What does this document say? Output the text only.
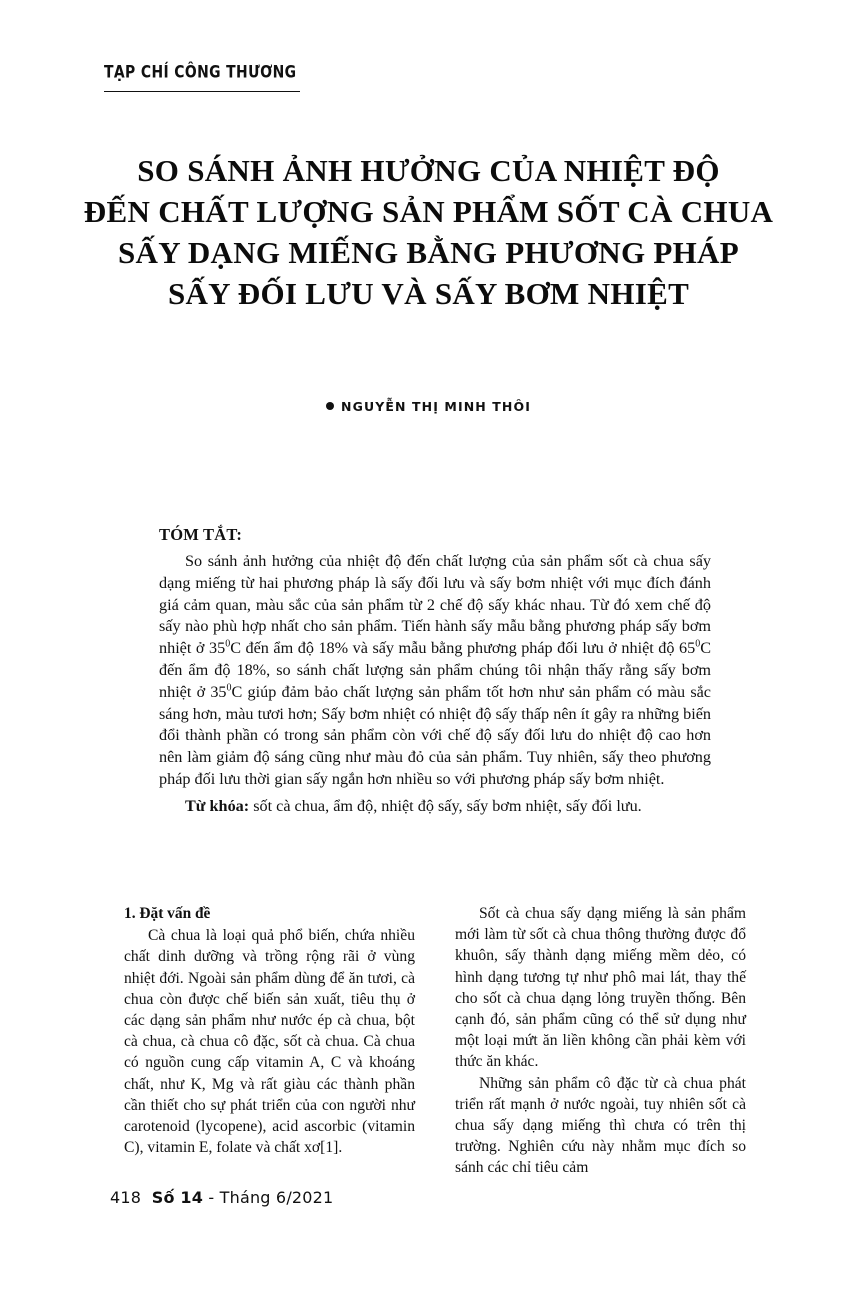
TẠP CHÍ CÔNG THƯƠNG
SO SÁNH ẢNH HƯỞNG CỦA NHIỆT ĐỘ
ĐẾN CHẤT LƯỢNG SẢN PHẨM SỐT CÀ CHUA
SẤY DẠNG MIẾNG BẰNG PHƯƠNG PHÁP
SẤY ĐỐI LƯU VÀ SẤY BƠM NHIỆT
NGUYỄN THỊ MINH THÔI
TÓM TẮT:
So sánh ảnh hưởng của nhiệt độ đến chất lượng của sản phẩm sốt cà chua sấy dạng miếng từ hai phương pháp là sấy đối lưu và sấy bơm nhiệt với mục đích đánh giá cảm quan, màu sắc của sản phẩm từ 2 chế độ sấy khác nhau. Từ đó xem chế độ sấy nào phù hợp nhất cho sản phẩm. Tiến hành sấy mẫu bằng phương pháp sấy bơm nhiệt ở $35^0C$ đến ẩm độ 18% và sấy mẫu bằng phương pháp đối lưu ở nhiệt độ $65^0C$ đến ẩm độ 18%, so sánh chất lượng sản phẩm chúng tôi nhận thấy rằng sấy bơm nhiệt ở $35^0C$ giúp đảm bảo chất lượng sản phẩm tốt hơn như sản phẩm có màu sắc sáng hơn, màu tươi hơn; Sấy bơm nhiệt có nhiệt độ sấy thấp nên ít gây ra những biến đổi thành phần có trong sản phẩm còn với chế độ sấy đối lưu do nhiệt độ cao hơn nên làm giảm độ sáng cũng như màu đỏ của sản phẩm. Tuy nhiên, sấy theo phương pháp đối lưu thời gian sấy ngắn hơn nhiều so với phương pháp sấy bơm nhiệt.
Từ khóa: sốt cà chua, ẩm độ, nhiệt độ sấy, sấy bơm nhiệt, sấy đối lưu.
1. Đặt vấn đề

Cà chua là loại quả phổ biến, chứa nhiều chất dinh dưỡng và trồng rộng rãi ở vùng nhiệt đới. Ngoài sản phẩm dùng để ăn tươi, cà chua còn được chế biến sản xuất, tiêu thụ ở các dạng sản phẩm như nước ép cà chua, bột cà chua, cà chua cô đặc, sốt cà chua. Cà chua có nguồn cung cấp vitamin A, C và khoáng chất, như K, Mg và rất giàu các thành phần cần thiết cho sự phát triển của con người như carotenoid (lycopene), acid ascorbic (vitamin C), vitamin E, folate và chất xơ[1].

Sốt cà chua sấy dạng miếng là sản phẩm mới làm từ sốt cà chua thông thường được đổ khuôn, sấy thành dạng miếng mềm dẻo, có hình dạng tương tự như phô mai lát, thay thế cho sốt cà chua dạng lỏng truyền thống. Bên cạnh đó, sản phẩm cũng có thể sử dụng như một loại mứt ăn liền không cần phải kèm với thức ăn khác.

Những sản phẩm cô đặc từ cà chua phát triển rất mạnh ở nước ngoài, tuy nhiên sốt cà chua sấy dạng miếng thì chưa có trên thị trường. Nghiên cứu này nhằm mục đích so sánh các chỉ tiêu cảm

418 Số 14 - Tháng 6/2021
